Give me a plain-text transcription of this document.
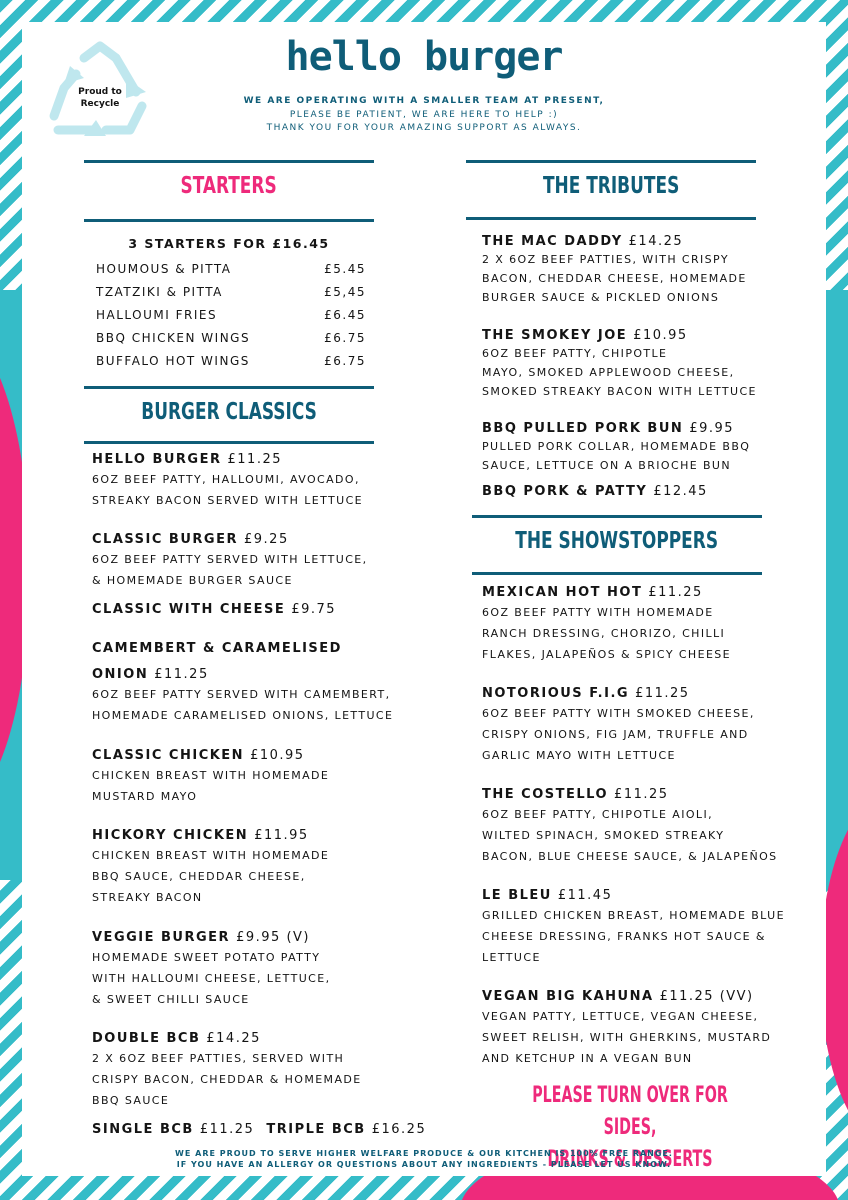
Proud to Recycle
hello burger
WE ARE OPERATING WITH A SMALLER TEAM AT PRESENT,
PLEASE BE PATIENT, WE ARE HERE TO HELP :)
THANK YOU FOR YOUR AMAZING SUPPORT AS ALWAYS.
STARTERS
3 STARTERS FOR £16.45
HOUMOUS & PITTA	£5.45
TZATZIKI & PITTA	£5,45
HALLOUMI FRIES	£6.45
BBQ CHICKEN WINGS	£6.75
BUFFALO HOT WINGS	£6.75
BURGER CLASSICS
HELLO BURGER £11.25
6OZ BEEF PATTY, HALLOUMI, AVOCADO,
STREAKY BACON SERVED WITH LETTUCE
CLASSIC BURGER £9.25
6OZ BEEF PATTY SERVED WITH LETTUCE,
& HOMEMADE BURGER SAUCE
CLASSIC WITH CHEESE £9.75
CAMEMBERT & CARAMELISED
ONION £11.25
6OZ BEEF PATTY SERVED WITH CAMEMBERT,
HOMEMADE CARAMELISED ONIONS, LETTUCE
CLASSIC CHICKEN £10.95
CHICKEN BREAST WITH HOMEMADE
MUSTARD MAYO
HICKORY CHICKEN £11.95
CHICKEN BREAST WITH HOMEMADE
BBQ SAUCE, CHEDDAR CHEESE,
STREAKY BACON
VEGGIE BURGER £9.95 (V)
HOMEMADE SWEET POTATO PATTY
WITH HALLOUMI CHEESE, LETTUCE,
& SWEET CHILLI SAUCE
DOUBLE BCB £14.25
2 X 6OZ BEEF PATTIES, SERVED WITH
CRISPY BACON, CHEDDAR & HOMEMADE
BBQ SAUCE
SINGLE BCB £11.25 TRIPLE BCB £16.25
THE TRIBUTES
THE MAC DADDY £14.25
2 X 6OZ BEEF PATTIES, WITH CRISPY
BACON, CHEDDAR CHEESE, HOMEMADE
BURGER SAUCE & PICKLED ONIONS
THE SMOKEY JOE £10.95
6OZ BEEF PATTY, CHIPOTLE
MAYO, SMOKED APPLEWOOD CHEESE,
SMOKED STREAKY BACON WITH LETTUCE
BBQ PULLED PORK BUN £9.95
PULLED PORK COLLAR, HOMEMADE BBQ
SAUCE, LETTUCE ON A BRIOCHE BUN
BBQ PORK & PATTY £12.45
THE SHOWSTOPPERS
MEXICAN HOT HOT £11.25
6OZ BEEF PATTY WITH HOMEMADE
RANCH DRESSING, CHORIZO, CHILLI
FLAKES, JALAPEÑOS & SPICY CHEESE
NOTORIOUS F.I.G £11.25
6OZ BEEF PATTY WITH SMOKED CHEESE,
CRISPY ONIONS, FIG JAM, TRUFFLE AND
GARLIC MAYO WITH LETTUCE
THE COSTELLO £11.25
6OZ BEEF PATTY, CHIPOTLE AIOLI,
WILTED SPINACH, SMOKED STREAKY
BACON, BLUE CHEESE SAUCE, & JALAPEÑOS
LE BLEU £11.45
GRILLED CHICKEN BREAST, HOMEMADE BLUE
CHEESE DRESSING, FRANKS HOT SAUCE &
LETTUCE
VEGAN BIG KAHUNA £11.25 (VV)
VEGAN PATTY, LETTUCE, VEGAN CHEESE,
SWEET RELISH, WITH GHERKINS, MUSTARD
AND KETCHUP IN A VEGAN BUN
PLEASE TURN OVER FOR SIDES,
DRINKS & DESSERTS
WE ARE PROUD TO SERVE HIGHER WELFARE PRODUCE & OUR KITCHEN IS 100% FREE RANGE.
IF YOU HAVE AN ALLERGY OR QUESTIONS ABOUT ANY INGREDIENTS - PLEASE LET US KNOW.
